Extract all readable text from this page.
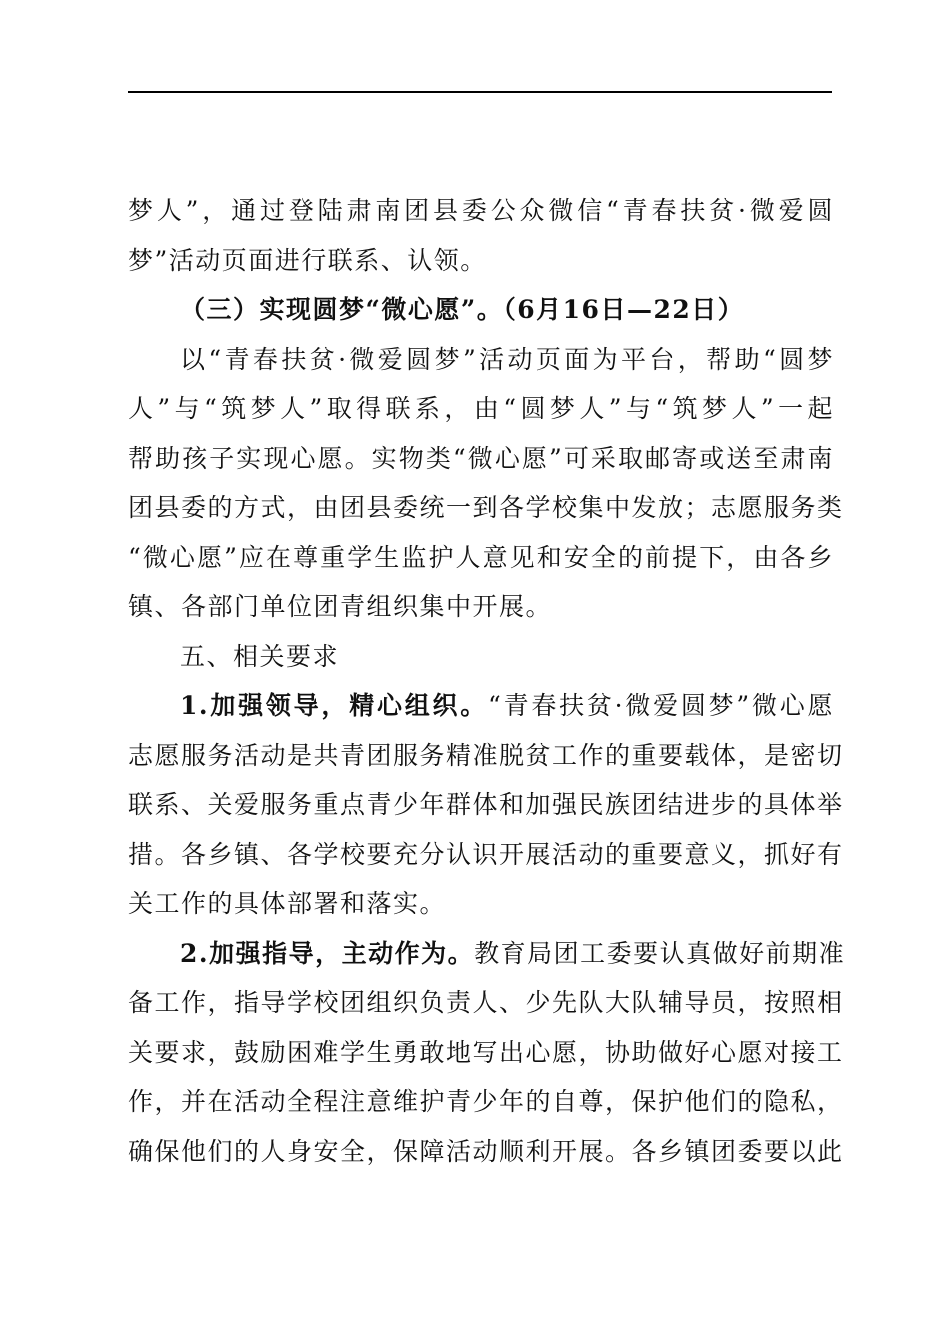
梦人”，通过登陆肃南团县委公众微信“青春扶贫·微爱圆
梦”活动页面进行联系、认领。
（三）实现圆梦“微心愿”。（6月16日—22日）
以“青春扶贫·微爱圆梦”活动页面为平台，帮助“圆梦
人”与“筑梦人”取得联系，由“圆梦人”与“筑梦人”一起
帮助孩子实现心愿。实物类“微心愿”可采取邮寄或送至肃南
团县委的方式，由团县委统一到各学校集中发放；志愿服务类
“微心愿”应在尊重学生监护人意见和安全的前提下，由各乡
镇、各部门单位团青组织集中开展。
五、相关要求
1.加强领导，精心组织。“青春扶贫·微爱圆梦”微心愿
志愿服务活动是共青团服务精准脱贫工作的重要载体，是密切
联系、关爱服务重点青少年群体和加强民族团结进步的具体举
措。各乡镇、各学校要充分认识开展活动的重要意义，抓好有
关工作的具体部署和落实。
2.加强指导，主动作为。教育局团工委要认真做好前期准
备工作，指导学校团组织负责人、少先队大队辅导员，按照相
关要求，鼓励困难学生勇敢地写出心愿，协助做好心愿对接工
作，并在活动全程注意维护青少年的自尊，保护他们的隐私，
确保他们的人身安全，保障活动顺利开展。各乡镇团委要以此
